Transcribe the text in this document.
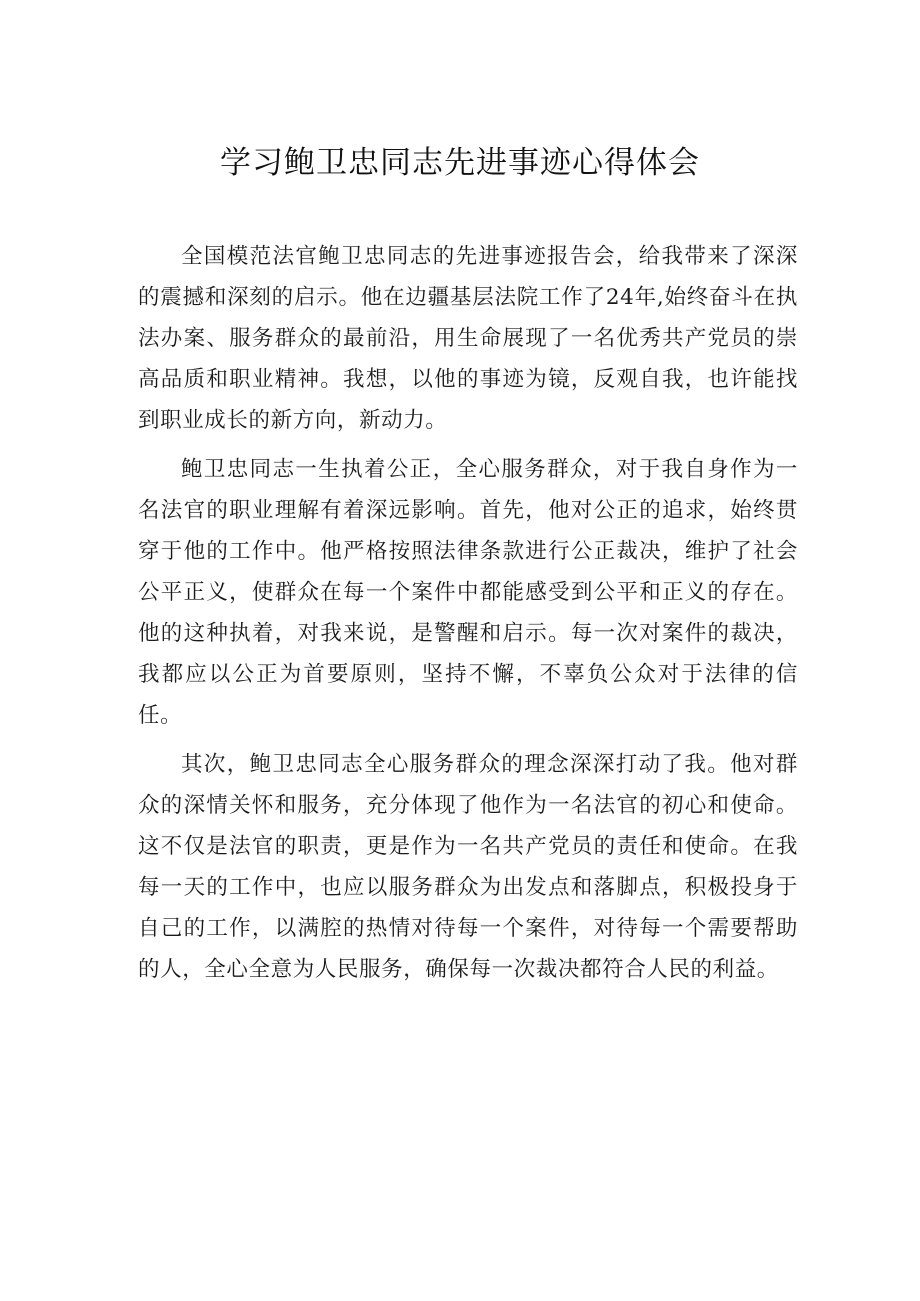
学习鲍卫忠同志先进事迹心得体会

全国模范法官鲍卫忠同志的先进事迹报告会，给我带来了深深的震撼和深刻的启示。他在边疆基层法院工作了24年,始终奋斗在执法办案、服务群众的最前沿，用生命展现了一名优秀共产党员的崇高品质和职业精神。我想，以他的事迹为镜，反观自我，也许能找到职业成长的新方向，新动力。

鲍卫忠同志一生执着公正，全心服务群众，对于我自身作为一名法官的职业理解有着深远影响。首先，他对公正的追求，始终贯穿于他的工作中。他严格按照法律条款进行公正裁决，维护了社会公平正义，使群众在每一个案件中都能感受到公平和正义的存在。他的这种执着，对我来说，是警醒和启示。每一次对案件的裁决，我都应以公正为首要原则，坚持不懈，不辜负公众对于法律的信任。

其次，鲍卫忠同志全心服务群众的理念深深打动了我。他对群众的深情关怀和服务，充分体现了他作为一名法官的初心和使命。这不仅是法官的职责，更是作为一名共产党员的责任和使命。在我每一天的工作中，也应以服务群众为出发点和落脚点，积极投身于自己的工作，以满腔的热情对待每一个案件，对待每一个需要帮助的人，全心全意为人民服务，确保每一次裁决都符合人民的利益。
